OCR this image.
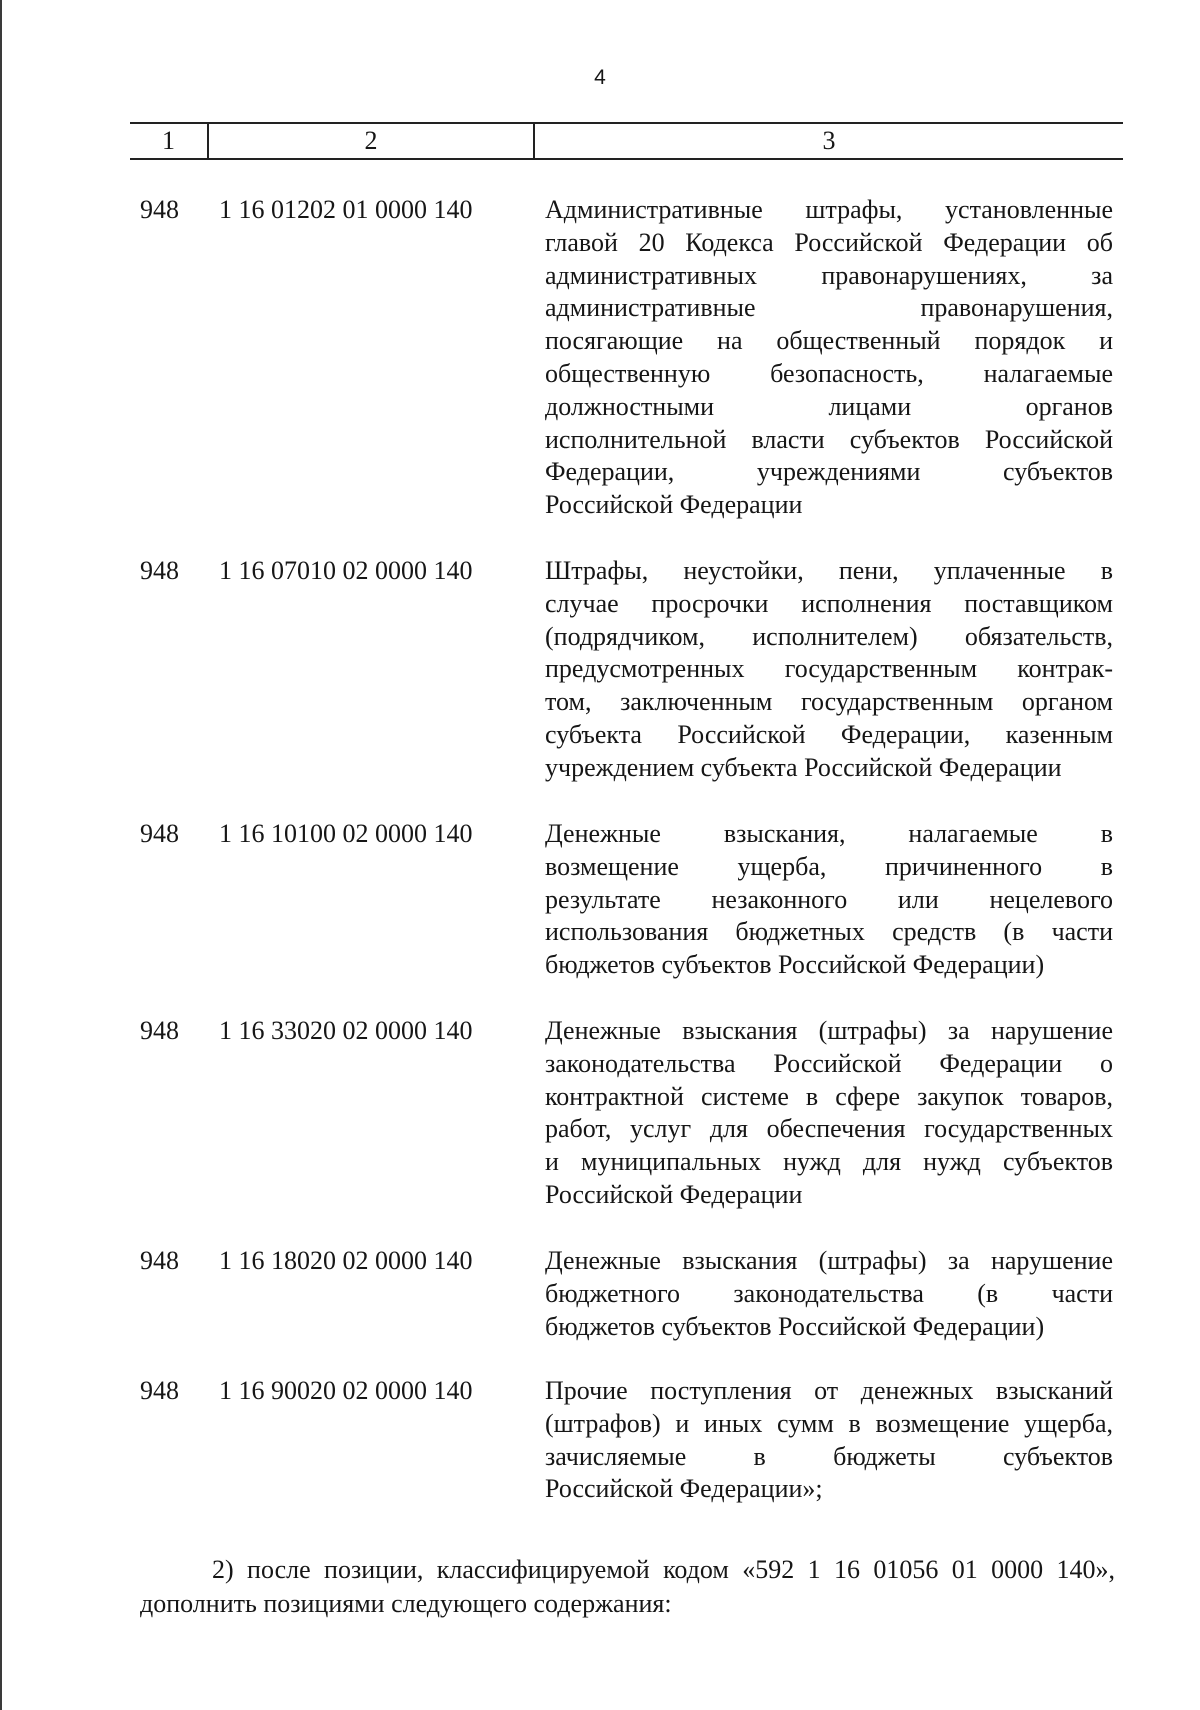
4
1	2	3
948	1 16 01202 01 0000 140	Административные штрафы, установленные
главой 20 Кодекса Российской Федерации об
административных правонарушениях, за
административные правонарушения,
посягающие на общественный порядок и
общественную безопасность, налагаемые
должностными лицами органов
исполнительной власти субъектов Российской
Федерации, учреждениями субъектов
Российской Федерации
948	1 16 07010 02 0000 140	Штрафы, неустойки, пени, уплаченные в
случае просрочки исполнения поставщиком
(подрядчиком, исполнителем) обязательств,
предусмотренных государственным контрак-
том, заключенным государственным органом
субъекта Российской Федерации, казенным
учреждением субъекта Российской Федерации
948	1 16 10100 02 0000 140	Денежные взыскания, налагаемые в
возмещение ущерба, причиненного в
результате незаконного или нецелевого
использования бюджетных средств (в части
бюджетов субъектов Российской Федерации)
948	1 16 33020 02 0000 140	Денежные взыскания (штрафы) за нарушение
законодательства Российской Федерации о
контрактной системе в сфере закупок товаров,
работ, услуг для обеспечения государственных
и муниципальных нужд для нужд субъектов
Российской Федерации
948	1 16 18020 02 0000 140	Денежные взыскания (штрафы) за нарушение
бюджетного законодательства (в части
бюджетов субъектов Российской Федерации)
948	1 16 90020 02 0000 140	Прочие поступления от денежных взысканий
(штрафов) и иных сумм в возмещение ущерба,
зачисляемые в бюджеты субъектов
Российской Федерации»;
2) после позиции, классифицируемой кодом «592 1 16 01056 01 0000 140»,
дополнить позициями следующего содержания:
